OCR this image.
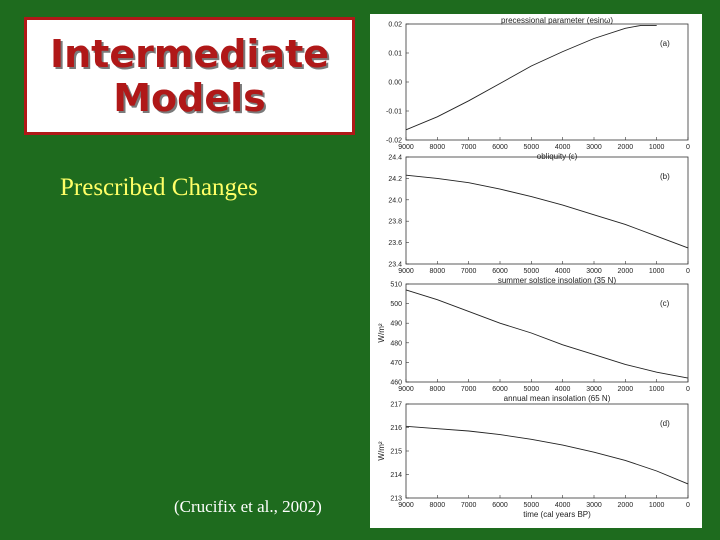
Intermediate
Models
Prescribed Changes
(Crucifix et al., 2002)
9000 8000 7000 6000 5000 4000 3000 2000 1000	0
0.02
0.01
0.00
-0.01
-0.02
(a)
precessional parameter (esinω)
obliquity (ε)
9000 8000 7000 6000 5000 4000 3000 2000 1000	0
24.4
24.2
24.0
23.8
23.6
23.4
(b)
summer solstice insolation (35 N)
9000 8000 7000 6000 5000 4000 3000 2000 1000	0
510
500
490
480
470
460
(c)
annual mean insolation (65 N)
W/m²
9000 8000 7000 6000 5000 4000 3000 2000 1000	0
217
216
215
214
213
(d)
time (cal years BP)
W/m²
